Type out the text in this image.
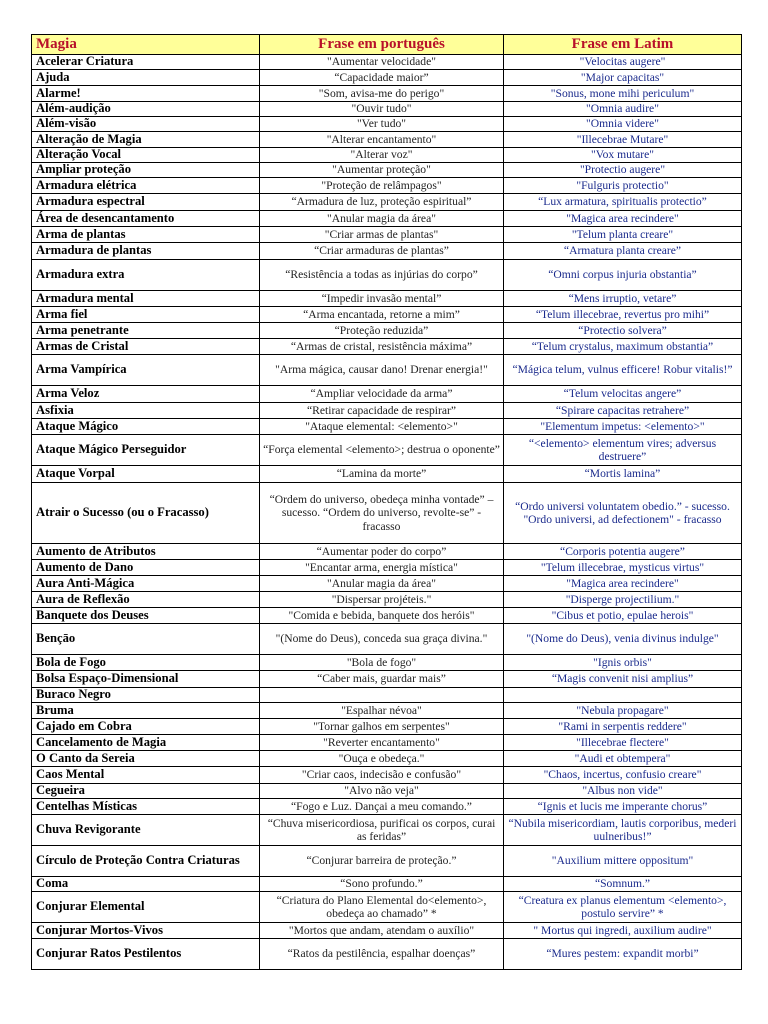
Magia	Frase em português	Frase em Latim
Acelerar Criatura	"Aumentar velocidade"	"Velocitas augere"
Ajuda	“Capacidade maior”	"Major capacitas"
Alarme!	"Som, avisa-me do perigo"	"Sonus, mone mihi periculum"
Além-audição	"Ouvir tudo"	"Omnia audire"
Além-visão	"Ver tudo"	"Omnia videre"
Alteração de Magia	"Alterar encantamento"	"Illecebrae Mutare"
Alteração Vocal	"Alterar voz"	"Vox mutare"
Ampliar proteção	"Aumentar proteção"	"Protectio augere"
Armadura elétrica	"Proteção de relâmpagos"	"Fulguris protectio"
Armadura espectral	“Armadura de luz, proteção espiritual”	“Lux armatura, spiritualis protectio”
Área de desencantamento	"Anular magia da área"	"Magica area recindere"
Arma de plantas	"Criar armas de plantas"	"Telum planta creare"
Armadura de plantas	“Criar armaduras de plantas”	“Armatura planta creare”
Armadura extra	“Resistência a todas as injúrias do corpo”	“Omni corpus injuria obstantia”
Armadura mental	“Impedir invasão mental”	“Mens irruptio, vetare”
Arma fiel	“Arma encantada, retorne a mim”	“Telum illecebrae, revertus pro mihi”
Arma penetrante	“Proteção reduzida”	“Protectio solvera”
Armas de Cristal	“Armas de cristal, resistência máxima”	“Telum crystalus, maximum obstantia”
Arma Vampírica	"Arma mágica, causar dano! Drenar energia!"	“Mágica telum, vulnus efficere! Robur vitalis!”
Arma Veloz	“Ampliar velocidade da arma”	“Telum velocitas angere”
Asfixia	“Retirar capacidade de respirar”	“Spirare capacitas retrahere”
Ataque Mágico	"Ataque elemental: <elemento>"	"Elementum impetus: <elemento>"
Ataque Mágico Perseguidor	“Força elemental <elemento>; destrua o oponente”	“<elemento> elementum vires; adversus destruere”
Ataque Vorpal	“Lamina da morte”	“Mortis lamina”
Atrair o Sucesso (ou o Fracasso)	“Ordem do universo, obedeça minha vontade” – sucesso. “Ordem do universo, revolte-se” - fracasso	“Ordo universi voluntatem obedio.” - sucesso. "Ordo universi, ad defectionem" - fracasso
Aumento de Atributos	“Aumentar poder do corpo”	“Corporis potentia augere”
Aumento de Dano	"Encantar arma, energia mística"	"Telum illecebrae, mysticus virtus"
Aura Anti-Mágica	"Anular magia da área"	"Magica area recindere"
Aura de Reflexão	"Dispersar projéteis."	"Disperge projectilium."
Banquete dos Deuses	"Comida e bebida, banquete dos heróis"	"Cibus et potio, epulae herois"
Bençāo	"(Nome do Deus), conceda sua graça divina."	"(Nome do Deus), venia divinus indulge"
Bola de Fogo	"Bola de fogo"	"Ignis orbis"
Bolsa Espaço-Dimensional	“Caber mais, guardar mais”	“Magis convenit nisi amplius”
Buraco Negro		
Bruma	"Espalhar névoa"	"Nebula propagare"
Cajado em Cobra	"Tornar galhos em serpentes"	"Rami in serpentis reddere"
Cancelamento de Magia	"Reverter encantamento"	"Illecebrae flectere"
O Canto da Sereia	"Ouça e obedeça."	"Audi et obtempera"
Caos Mental	"Criar caos, indecisão e confusão"	"Chaos, incertus, confusio creare"
Cegueira	"Alvo não veja"	"Albus non vide"
Centelhas Místicas	“Fogo e Luz. Dançai a meu comando.”	“Ignis et lucis me imperante chorus”
Chuva Revigorante	“Chuva misericordiosa, purificai os corpos, curai as feridas”	“Nubila misericordiam, lautis corporibus, mederi uulneribus!”
Círculo de Proteção Contra Criaturas	“Conjurar barreira de proteção.”	"Auxilium mittere oppositum"
Coma	“Sono profundo.”	“Somnum.”
Conjurar Elemental	“Criatura do Plano Elemental do<elemento>, obedeça ao chamado” *	“Creatura ex planus elementum <elemento>, postulo servire” *
Conjurar Mortos-Vivos	"Mortos que andam, atendam o auxílio"	" Mortus qui ingredi, auxilium audire"
Conjurar Ratos Pestilentos	“Ratos da pestilência, espalhar doenças”	“Mures pestem: expandit morbi”
